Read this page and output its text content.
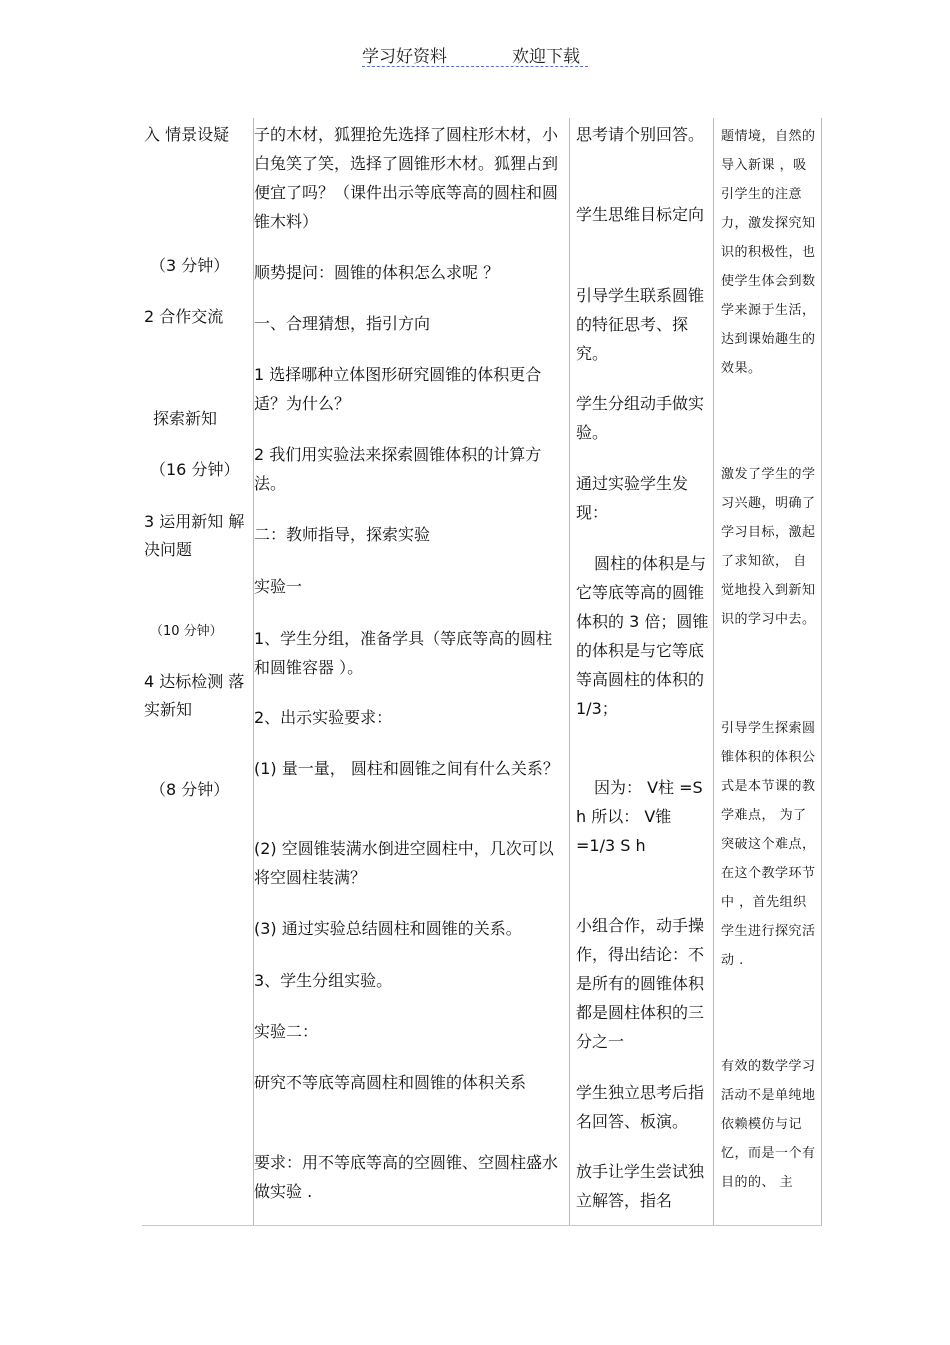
学习好资料	欢迎下载

入 情景设疑

（3 分钟）

2 合作交流

探索新知

（16 分钟）

3 运用新知 解决问题

（10 分钟）

4 达标检测 落实新知

（8 分钟）

子的木材，狐狸抢先选择了圆柱形木材，小白兔笑了笑，选择了圆锥形木材。狐狸占到便宜了吗？（课件出示等底等高的圆柱和圆锥木料）

顺势提问：圆锥的体积怎么求呢 ？

一、合理猜想，指引方向

1 选择哪种立体图形研究圆锥的体积更合适？为什么？

2 我们用实验法来探索圆锥体积的计算方法。

二：教师指导，探索实验

实验一

1、学生分组，准备学具（等底等高的圆柱和圆锥容器 ）。

2、出示实验要求：

(1) 量一量， 圆柱和圆锥之间有什么关系？

(2) 空圆锥装满水倒进空圆柱中，几次可以将空圆柱装满？

(3) 通过实验总结圆柱和圆锥的关系。

3、学生分组实验。

实验二：

研究不等底等高圆柱和圆锥的体积关系

要求：用不等底等高的空圆锥、空圆柱盛水做实验 .

思考请个别回答。

学生思维目标定向

引导学生联系圆锥的特征思考、探究。

学生分组动手做实验。

通过实验学生发现：

圆柱的体积是与它等底等高的圆锥体积的 3 倍；圆锥的体积是与它等底等高圆柱的体积的 1/3；

因为： V柱 =S h 所以： V锥 =1/3 S h

小组合作，动手操作，得出结论：不是所有的圆锥体积都是圆柱体积的三分之一

学生独立思考后指名回答、板演。

放手让学生尝试独立解答，指名

题情境，自然的导入新课 ，吸引学生的注意力，激发探究知识的积极性，也使学生体会到数学来源于生活，达到课始趣生的效果。

激发了学生的学习兴趣，明确了学习目标，激起了求知欲， 自觉地投入到新知识的学习中去。

引导学生探索圆锥体积的体积公式是本节课的教学难点， 为了突破这个难点， 在这个教学环节中 ，首先组织学生进行探究活动 .

有效的数学学习活动不是单纯地依赖模仿与记忆，而是一个有目的的、 主
